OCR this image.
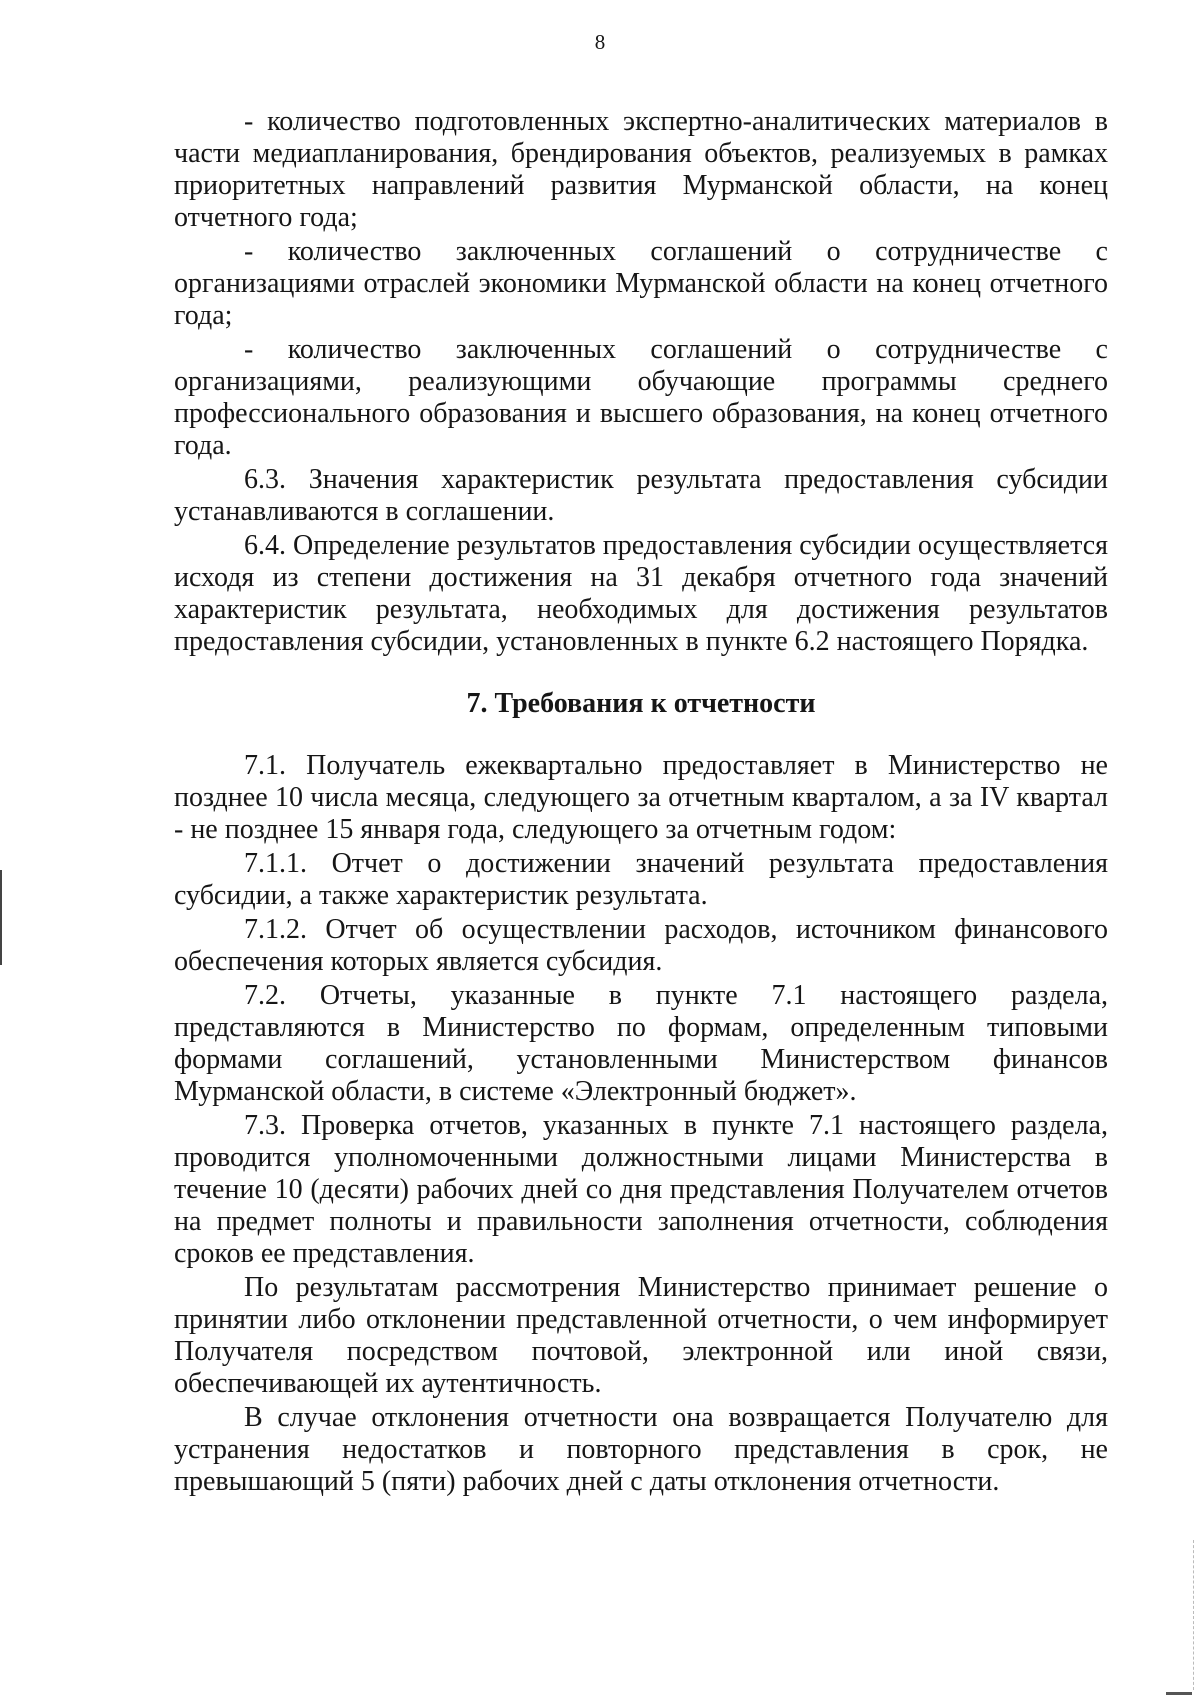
8

- количество подготовленных экспертно-аналитических материалов в части медиапланирования, брендирования объектов, реализуемых в рамках приоритетных направлений развития Мурманской области, на конец отчетного года;

- количество заключенных соглашений о сотрудничестве с организациями отраслей экономики Мурманской области на конец отчетного года;

- количество заключенных соглашений о сотрудничестве с организациями, реализующими обучающие программы среднего профессионального образования и высшего образования, на конец отчетного года.

6.3. Значения характеристик результата предоставления субсидии устанавливаются в соглашении.

6.4. Определение результатов предоставления субсидии осуществляется исходя из степени достижения на 31 декабря отчетного года значений характеристик результата, необходимых для достижения результатов предоставления субсидии, установленных в пункте 6.2 настоящего Порядка.

7. Требования к отчетности

7.1. Получатель ежеквартально предоставляет в Министерство не позднее 10 числа месяца, следующего за отчетным кварталом, а за IV квартал - не позднее 15 января года, следующего за отчетным годом:

7.1.1. Отчет о достижении значений результата предоставления субсидии, а также характеристик результата.

7.1.2. Отчет об осуществлении расходов, источником финансового обеспечения которых является субсидия.

7.2. Отчеты, указанные в пункте 7.1 настоящего раздела, представляются в Министерство по формам, определенным типовыми формами соглашений, установленными Министерством финансов Мурманской области, в системе «Электронный бюджет».

7.3. Проверка отчетов, указанных в пункте 7.1 настоящего раздела, проводится уполномоченными должностными лицами Министерства в течение 10 (десяти) рабочих дней со дня представления Получателем отчетов на предмет полноты и правильности заполнения отчетности, соблюдения сроков ее представления.

По результатам рассмотрения Министерство принимает решение о принятии либо отклонении представленной отчетности, о чем информирует Получателя посредством почтовой, электронной или иной связи, обеспечивающей их аутентичность.

В случае отклонения отчетности она возвращается Получателю для устранения недостатков и повторного представления в срок, не превышающий 5 (пяти) рабочих дней с даты отклонения отчетности.
